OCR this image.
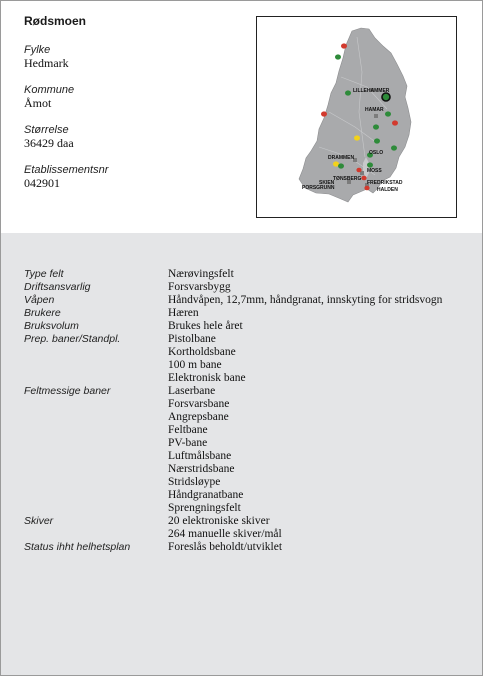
Rødsmoen
Fylke
Hedmark
Kommune
Åmot
Størrelse
36429 daa
Etablissementsnr
042901
LILLEHAMMER
HAMAR
OSLO
DRAMMEN
MOSS
TØNSBERG
SKIEN
PORSGRUNN
FREDRIKSTAD
HALDEN
Type felt	Nærøvingsfelt
Driftsansvarlig	Forsvarsbygg
Våpen	Håndvåpen, 12,7mm, håndgranat, innskyting for stridsvogn
Brukere	Hæren
Bruksvolum	Brukes hele året
Prep. baner/Standpl.	Pistolbane
Kortholdsbane
100 m bane
Elektronisk bane
Feltmessige baner	Laserbane
Forsvarsbane
Angrepsbane
Feltbane
PV-bane
Luftmålsbane
Nærstridsbane
Stridsløype
Håndgranatbane
Sprengningsfelt
Skiver	20 elektroniske skiver
264 manuelle skiver/mål
Status ihht helhetsplan	Foreslås beholdt/utviklet
